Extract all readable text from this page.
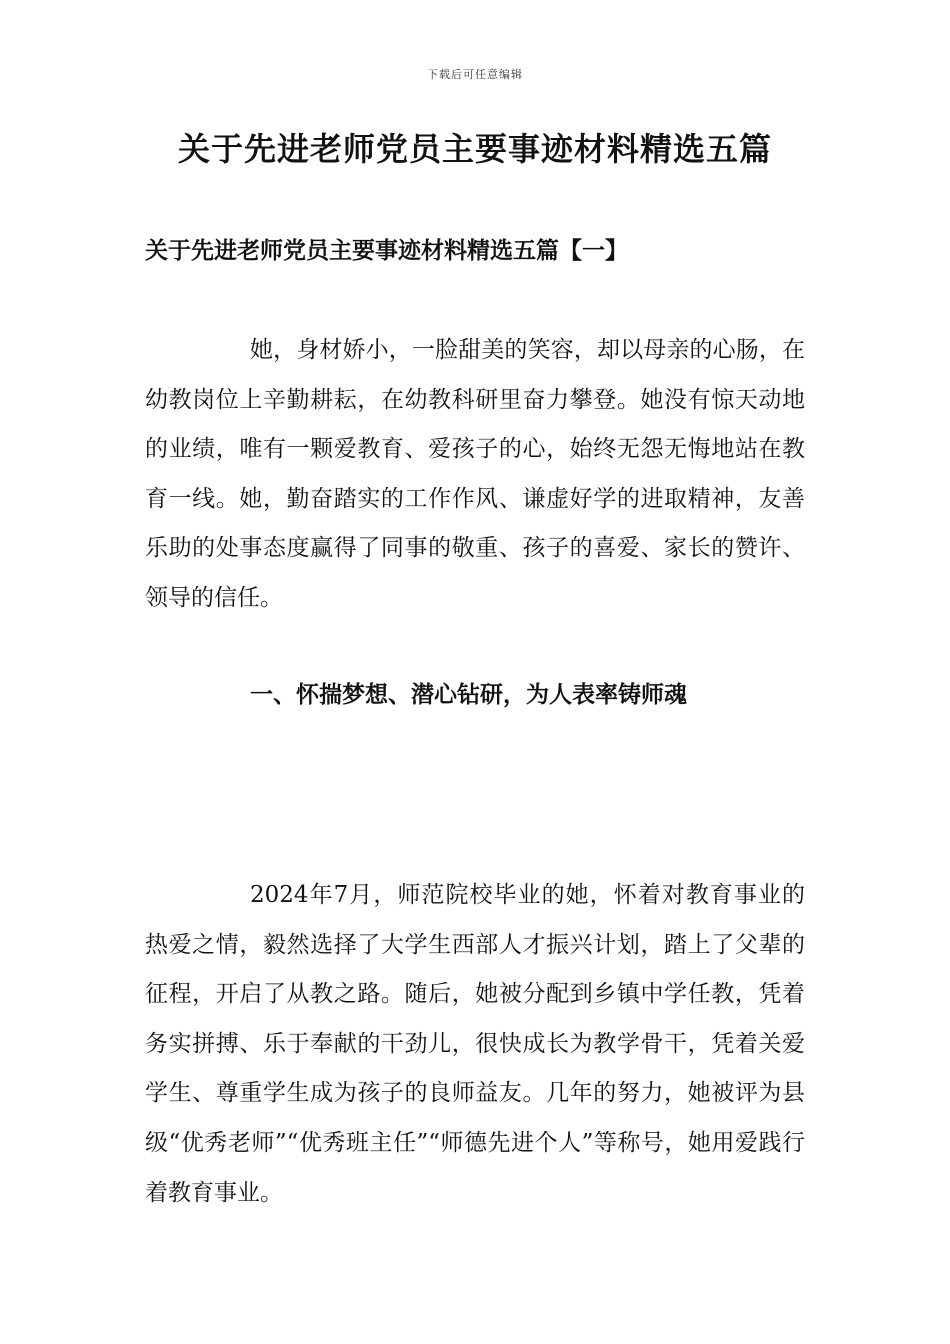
下载后可任意编辑
关于先进老师党员主要事迹材料精选五篇
关于先进老师党员主要事迹材料精选五篇【一】

她，身材娇小，一脸甜美的笑容，却以母亲的心肠，在幼教岗位上辛勤耕耘，在幼教科研里奋力攀登。她没有惊天动地的业绩，唯有一颗爱教育、爱孩子的心，始终无怨无悔地站在教育一线。她，勤奋踏实的工作作风、谦虚好学的进取精神，友善乐助的处事态度赢得了同事的敬重、孩子的喜爱、家长的赞许、领导的信任。

一、怀揣梦想、潜心钻研，为人表率铸师魂

2024年7月，师范院校毕业的她，怀着对教育事业的热爱之情，毅然选择了大学生西部人才振兴计划，踏上了父辈的征程，开启了从教之路。随后，她被分配到乡镇中学任教，凭着务实拼搏、乐于奉献的干劲儿，很快成长为教学骨干，凭着关爱学生、尊重学生成为孩子的良师益友。几年的努力，她被评为县级“优秀老师”“优秀班主任”“师德先进个人”等称号，她用爱践行着教育事业。
